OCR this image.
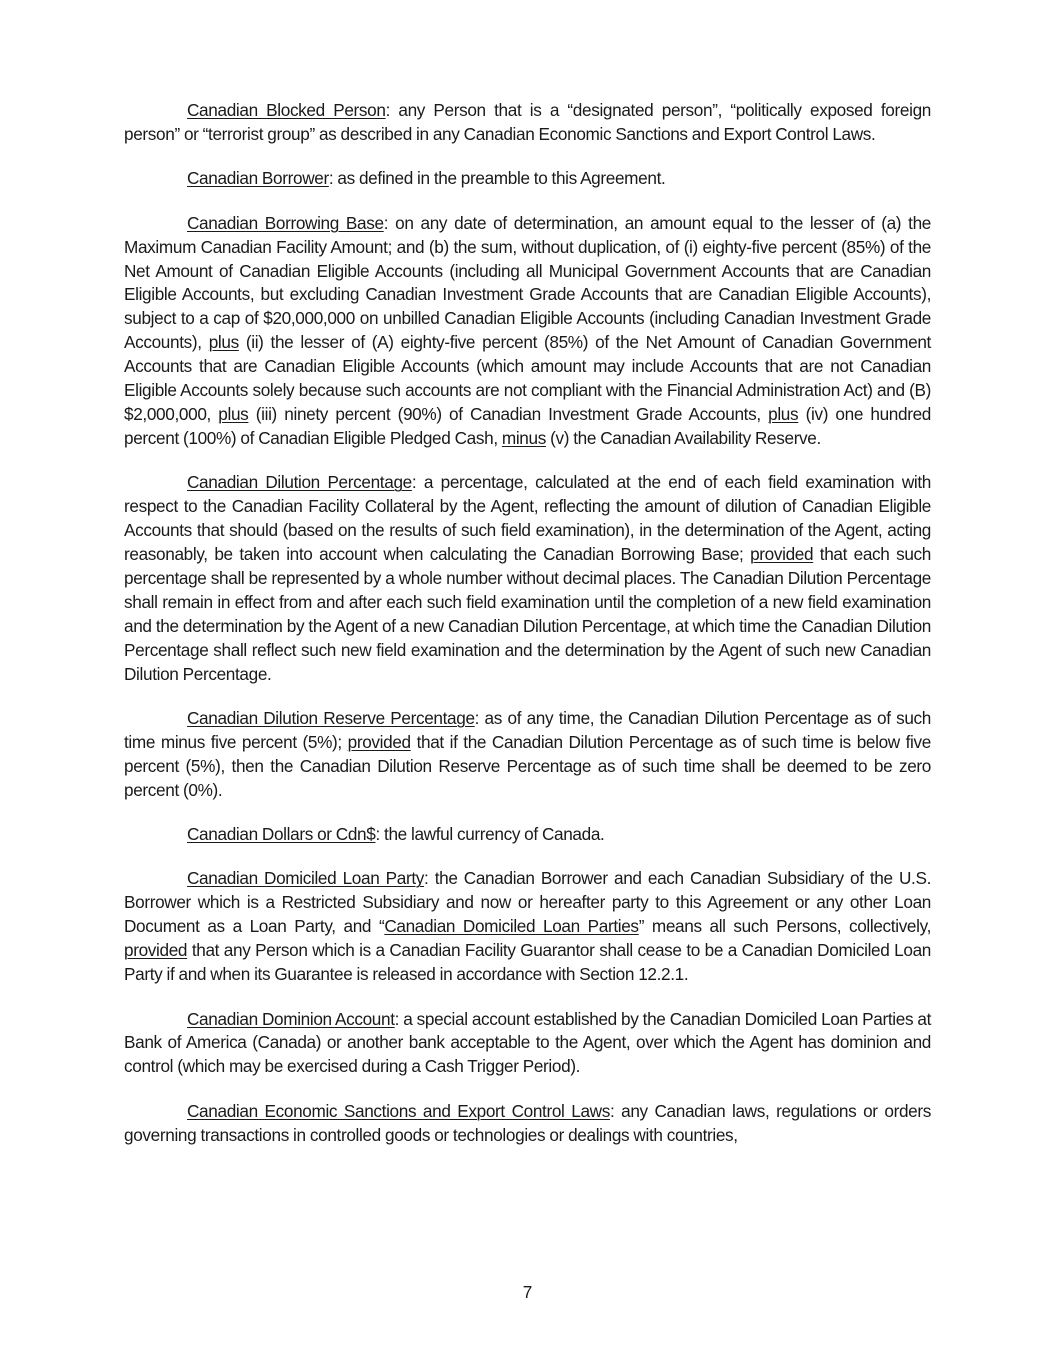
Canadian Blocked Person: any Person that is a “designated person”, “politically exposed foreign person” or “terrorist group” as described in any Canadian Economic Sanctions and Export Control Laws.

Canadian Borrower: as defined in the preamble to this Agreement.

Canadian Borrowing Base: on any date of determination, an amount equal to the lesser of (a) the Maximum Canadian Facility Amount; and (b) the sum, without duplication, of (i) eighty-five percent (85%) of the Net Amount of Canadian Eligible Accounts (including all Municipal Government Accounts that are Canadian Eligible Accounts, but excluding Canadian Investment Grade Accounts that are Canadian Eligible Accounts), subject to a cap of $20,000,000 on unbilled Canadian Eligible Accounts (including Canadian Investment Grade Accounts), plus (ii) the lesser of (A) eighty-five percent (85%) of the Net Amount of Canadian Government Accounts that are Canadian Eligible Accounts (which amount may include Accounts that are not Canadian Eligible Accounts solely because such accounts are not compliant with the Financial Administration Act) and (B) $2,000,000, plus (iii) ninety percent (90%) of Canadian Investment Grade Accounts, plus (iv) one hundred percent (100%) of Canadian Eligible Pledged Cash, minus (v) the Canadian Availability Reserve.

Canadian Dilution Percentage: a percentage, calculated at the end of each field examination with respect to the Canadian Facility Collateral by the Agent, reflecting the amount of dilution of Canadian Eligible Accounts that should (based on the results of such field examination), in the determination of the Agent, acting reasonably, be taken into account when calculating the Canadian Borrowing Base; provided that each such percentage shall be represented by a whole number without decimal places. The Canadian Dilution Percentage shall remain in effect from and after each such field examination until the completion of a new field examination and the determination by the Agent of a new Canadian Dilution Percentage, at which time the Canadian Dilution Percentage shall reflect such new field examination and the determination by the Agent of such new Canadian Dilution Percentage.

Canadian Dilution Reserve Percentage: as of any time, the Canadian Dilution Percentage as of such time minus five percent (5%); provided that if the Canadian Dilution Percentage as of such time is below five percent (5%), then the Canadian Dilution Reserve Percentage as of such time shall be deemed to be zero percent (0%).

Canadian Dollars or Cdn$: the lawful currency of Canada.

Canadian Domiciled Loan Party: the Canadian Borrower and each Canadian Subsidiary of the U.S. Borrower which is a Restricted Subsidiary and now or hereafter party to this Agreement or any other Loan Document as a Loan Party, and “Canadian Domiciled Loan Parties” means all such Persons, collectively, provided that any Person which is a Canadian Facility Guarantor shall cease to be a Canadian Domiciled Loan Party if and when its Guarantee is released in accordance with Section 12.2.1.

Canadian Dominion Account: a special account established by the Canadian Domiciled Loan Parties at Bank of America (Canada) or another bank acceptable to the Agent, over which the Agent has dominion and control (which may be exercised during a Cash Trigger Period).

Canadian Economic Sanctions and Export Control Laws: any Canadian laws, regulations or orders governing transactions in controlled goods or technologies or dealings with countries,

7
